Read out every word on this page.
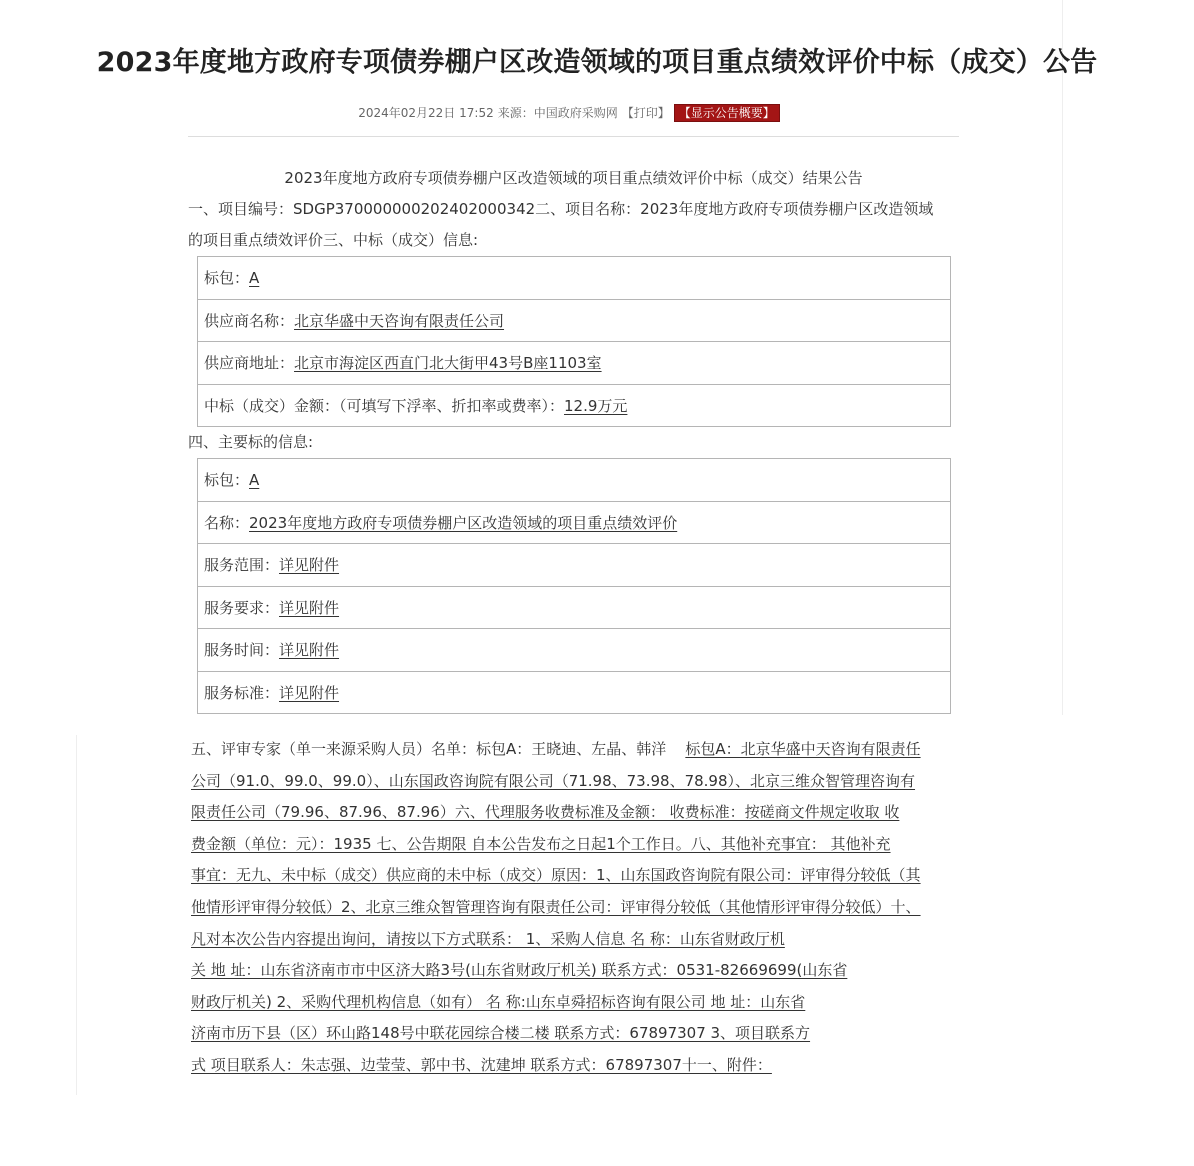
2023年度地方政府专项债券棚户区改造领域的项目重点绩效评价中标（成交）公告
2024年02月22日 17:52 来源：中国政府采购网 【打印】 【显示公告概要】
2023年度地方政府专项债券棚户区改造领域的项目重点绩效评价中标（成交）结果公告
一、项目编号：SDGP370000000202402000342二、项目名称：2023年度地方政府专项债券棚户区改造领域
的项目重点绩效评价三、中标（成交）信息:
标包：A
供应商名称：北京华盛中天咨询有限责任公司
供应商地址：北京市海淀区西直门北大街甲43号B座1103室
中标（成交）金额：（可填写下浮率、折扣率或费率）：12.9万元
四、主要标的信息:
标包：A
名称：2023年度地方政府专项债券棚户区改造领域的项目重点绩效评价
服务范围：详见附件
服务要求：详见附件
服务时间：详见附件
服务标准：详见附件
五、评审专家（单一来源采购人员）名单：标包A：王晓迪、左晶、韩洋 标包A：北京华盛中天咨询有限责任
公司（91.0、99.0、99.0）、山东国政咨询院有限公司（71.98、73.98、78.98）、北京三维众智管理咨询有
限责任公司（79.96、87.96、87.96）六、代理服务收费标准及金额： 收费标准：按磋商文件规定收取 收
费金额（单位：元）：1935 七、公告期限 自本公告发布之日起1个工作日。八、其他补充事宜： 其他补充
事宜：无九、未中标（成交）供应商的未中标（成交）原因：1、山东国政咨询院有限公司：评审得分较低（其
他情形评审得分较低）2、北京三维众智管理咨询有限责任公司：评审得分较低（其他情形评审得分较低）十、
凡对本次公告内容提出询问，请按以下方式联系： 1、采购人信息 名 称：山东省财政厅机
关 地 址：山东省济南市市中区济大路3号(山东省财政厅机关) 联系方式：0531-82669699(山东省
财政厅机关) 2、采购代理机构信息（如有） 名 称:山东卓舜招标咨询有限公司 地 址：山东省
济南市历下县（区）环山路148号中联花园综合楼二楼 联系方式：67897307 3、项目联系方
式 项目联系人：朱志强、边莹莹、郭中书、沈建坤 联系方式：67897307十一、附件：
